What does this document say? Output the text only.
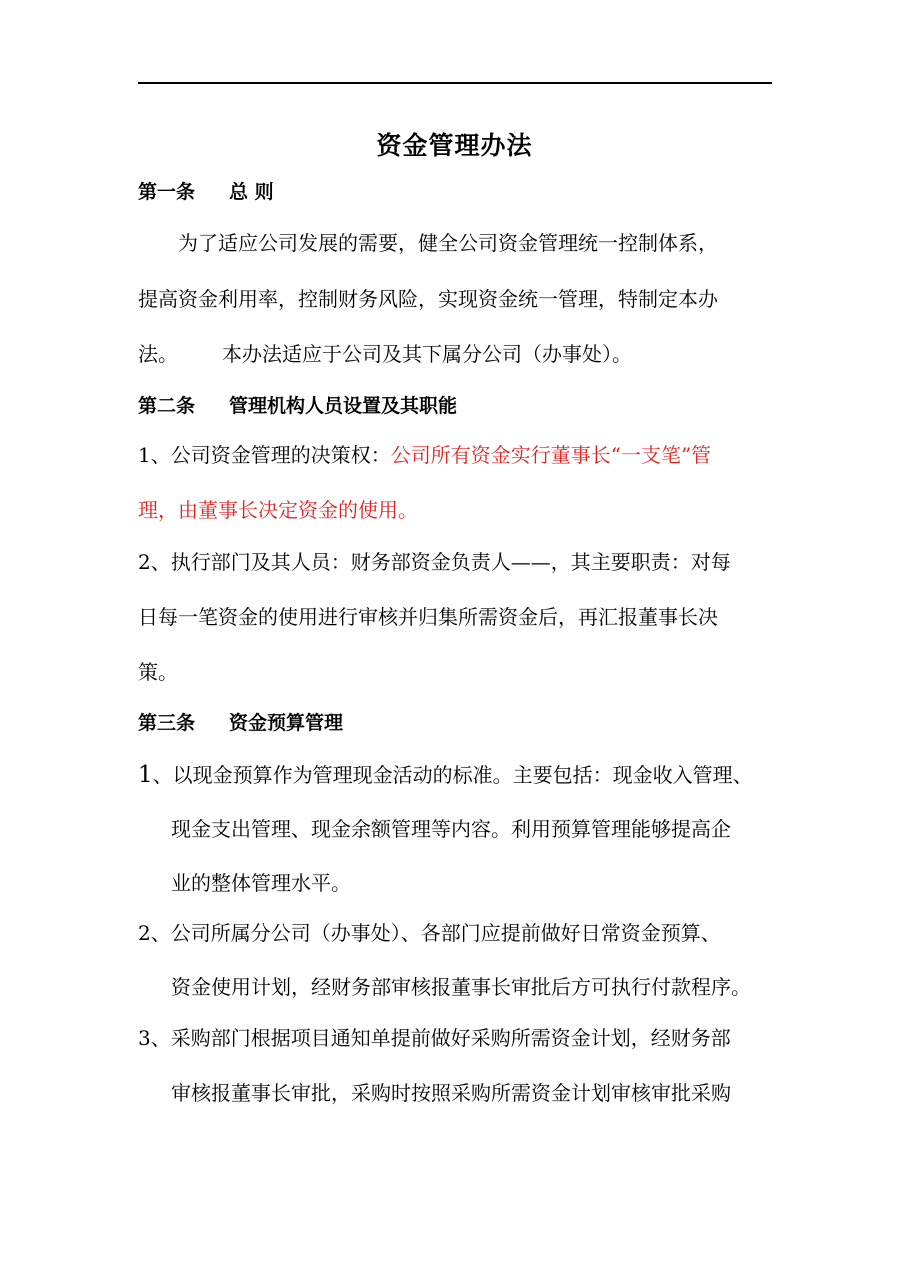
资金管理办法
第一条 总 则
为了适应公司发展的需要，健全公司资金管理统一控制体系，
提高资金利用率，控制财务风险，实现资金统一管理，特制定本办
法。 本办法适应于公司及其下属分公司（办事处）。
第二条 管理机构人员设置及其职能
1、公司资金管理的决策权：公司所有资金实行董事长“一支笔”管
理，由董事长决定资金的使用。
2、执行部门及其人员：财务部资金负责人——，其主要职责：对每
日每一笔资金的使用进行审核并归集所需资金后，再汇报董事长决
策。
第三条 资金预算管理
1、以现金预算作为管理现金活动的标准。主要包括：现金收入管理、
现金支出管理、现金余额管理等内容。利用预算管理能够提高企
业的整体管理水平。
2、公司所属分公司（办事处）、各部门应提前做好日常资金预算、
资金使用计划，经财务部审核报董事长审批后方可执行付款程序。
3、采购部门根据项目通知单提前做好采购所需资金计划，经财务部
审核报董事长审批，采购时按照采购所需资金计划审核审批采购
